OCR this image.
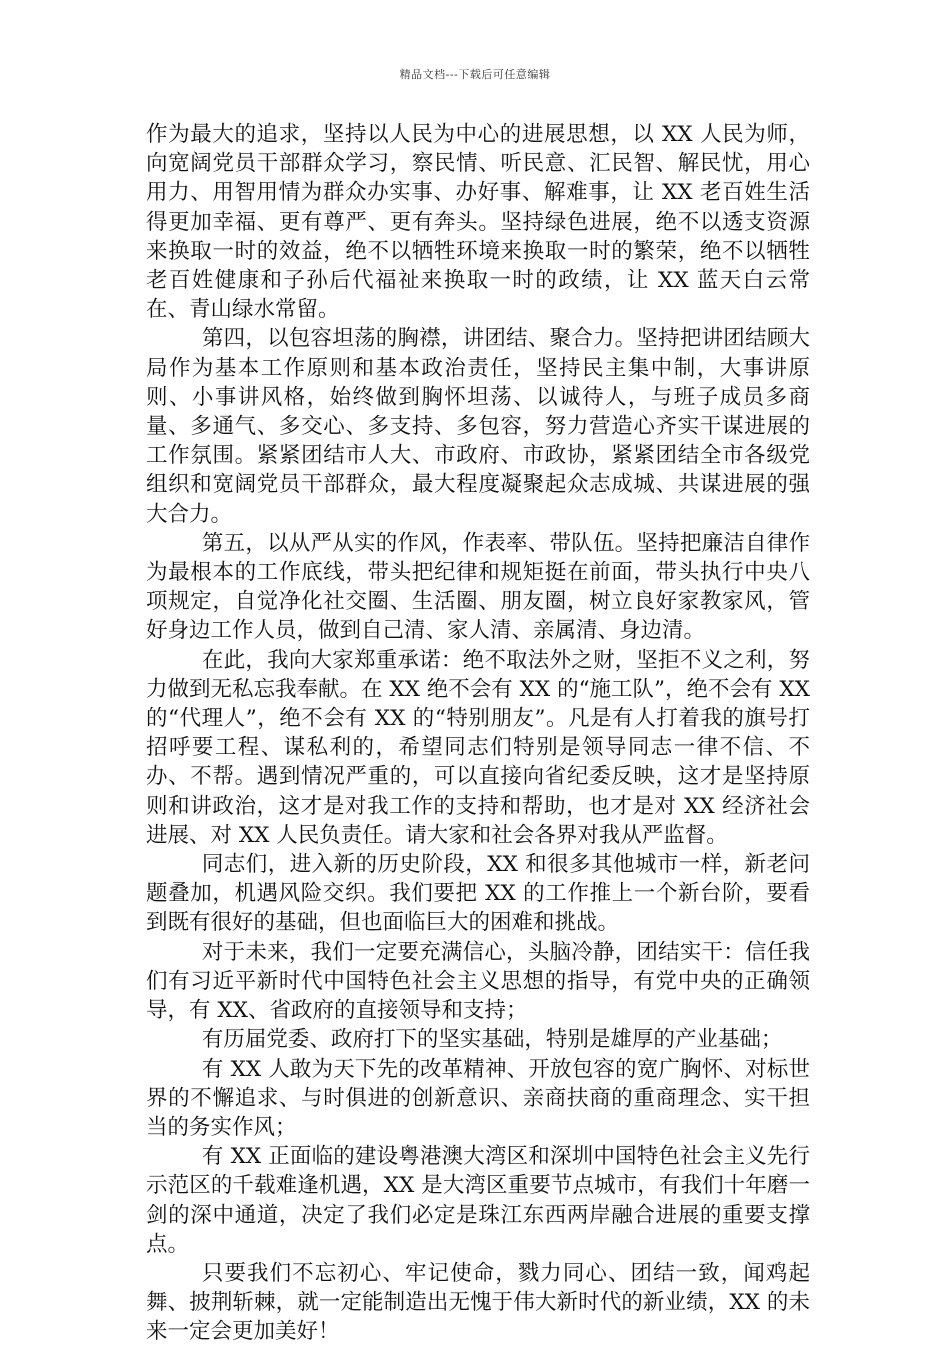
精品文档---下载后可任意编辑

作为最大的追求，坚持以人民为中心的进展思想，以 XX 人民为师，向宽阔党员干部群众学习，察民情、听民意、汇民智、解民忧，用心用力、用智用情为群众办实事、办好事、解难事，让 XX 老百姓生活得更加幸福、更有尊严、更有奔头。坚持绿色进展，绝不以透支资源来换取一时的效益，绝不以牺牲环境来换取一时的繁荣，绝不以牺牲老百姓健康和子孙后代福祉来换取一时的政绩，让 XX 蓝天白云常在、青山绿水常留。

第四，以包容坦荡的胸襟，讲团结、聚合力。坚持把讲团结顾大局作为基本工作原则和基本政治责任，坚持民主集中制，大事讲原则、小事讲风格，始终做到胸怀坦荡、以诚待人，与班子成员多商量、多通气、多交心、多支持、多包容，努力营造心齐实干谋进展的工作氛围。紧紧团结市人大、市政府、市政协，紧紧团结全市各级党组织和宽阔党员干部群众，最大程度凝聚起众志成城、共谋进展的强大合力。

第五，以从严从实的作风，作表率、带队伍。坚持把廉洁自律作为最根本的工作底线，带头把纪律和规矩挺在前面，带头执行中央八项规定，自觉净化社交圈、生活圈、朋友圈，树立良好家教家风，管好身边工作人员，做到自己清、家人清、亲属清、身边清。

在此，我向大家郑重承诺：绝不取法外之财，坚拒不义之利，努力做到无私忘我奉献。在 XX 绝不会有 XX 的“施工队”，绝不会有 XX 的“代理人”，绝不会有 XX 的“特别朋友”。凡是有人打着我的旗号打招呼要工程、谋私利的，希望同志们特别是领导同志一律不信、不办、不帮。遇到情况严重的，可以直接向省纪委反映，这才是坚持原则和讲政治，这才是对我工作的支持和帮助，也才是对 XX 经济社会进展、对 XX 人民负责任。请大家和社会各界对我从严监督。

同志们，进入新的历史阶段，XX 和很多其他城市一样，新老问题叠加，机遇风险交织。我们要把 XX 的工作推上一个新台阶，要看到既有很好的基础，但也面临巨大的困难和挑战。

对于未来，我们一定要充满信心，头脑冷静，团结实干：信任我们有习近平新时代中国特色社会主义思想的指导，有党中央的正确领导，有 XX、省政府的直接领导和支持；

有历届党委、政府打下的坚实基础，特别是雄厚的产业基础；

有 XX 人敢为天下先的改革精神、开放包容的宽广胸怀、对标世界的不懈追求、与时俱进的创新意识、亲商扶商的重商理念、实干担当的务实作风；

有 XX 正面临的建设粤港澳大湾区和深圳中国特色社会主义先行示范区的千载难逢机遇，XX 是大湾区重要节点城市，有我们十年磨一剑的深中通道，决定了我们必定是珠江东西两岸融合进展的重要支撑点。

只要我们不忘初心、牢记使命，戮力同心、团结一致，闻鸡起舞、披荆斩棘，就一定能制造出无愧于伟大新时代的新业绩，XX 的未来一定会更加美好！
